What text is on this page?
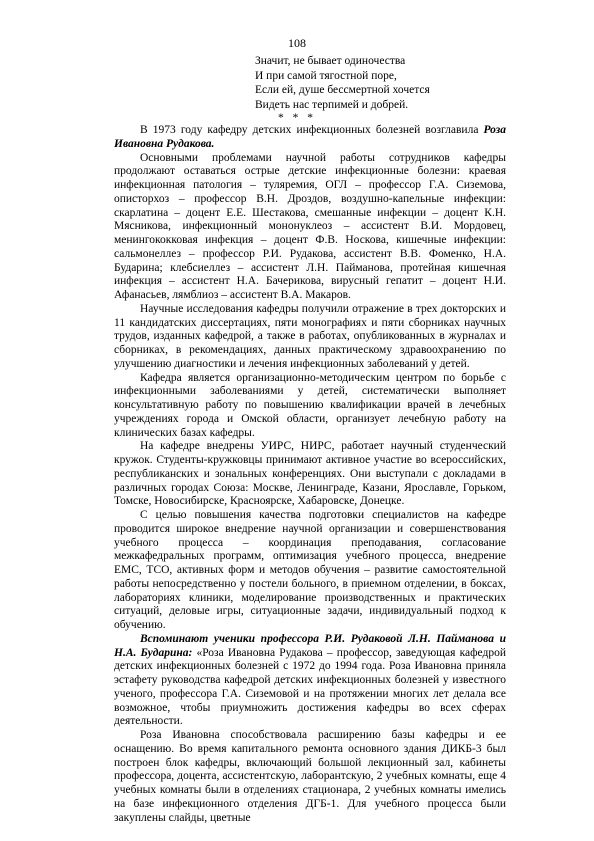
108
Значит, не бывает одиночества
И при самой тягостной поре,
Если ей, душе бессмертной хочется
Видеть нас терпимей и добрей.
* * *

В 1973 году кафедру детских инфекционных болезней возглавила Роза Ивановна Рудакова.

Основными проблемами научной работы сотрудников кафедры продолжают оставаться острые детские инфекционные болезни: краевая инфекционная патология – туляремия, ОГЛ – профессор Г.А. Сиземова, описторхоз – профессор В.Н. Дроздов, воздушно-капельные инфекции: скарлатина – доцент Е.Е. Шестакова, смешанные инфекции – доцент К.Н. Мясникова, инфекционный мононуклеоз – ассистент В.И. Мордовец, менингококковая инфекция – доцент Ф.В. Носкова, кишечные инфекции: сальмонеллез – профессор Р.И. Рудакова, ассистент В.В. Фоменко, Н.А. Бударина; клебсиеллез – ассистент Л.Н. Пайманова, протейная кишечная инфекция – ассистент Н.А. Бачерикова, вирусный гепатит – доцент Н.И. Афанасьев, лямблиоз – ассистент В.А. Макаров.

Научные исследования кафедры получили отражение в трех докторских и 11 кандидатских диссертациях, пяти монографиях и пяти сборниках научных трудов, изданных кафедрой, а также в работах, опубликованных в журналах и сборниках, в рекомендациях, данных практическому здравоохранению по улучшению диагностики и лечения инфекционных заболеваний у детей.

Кафедра является организационно-методическим центром по борьбе с инфекционными заболеваниями у детей, систематически выполняет консультативную работу по повышению квалификации врачей в лечебных учреждениях города и Омской области, организует лечебную работу на клинических базах кафедры.

На кафедре внедрены УИРС, НИРС, работает научный студенческий кружок. Студенты-кружковцы принимают активное участие во всероссийских, республиканских и зональных конференциях. Они выступали с докладами в различных городах Союза: Москве, Ленинграде, Казани, Ярославле, Горьком, Томске, Новосибирске, Красноярске, Хабаровске, Донецке.

С целью повышения качества подготовки специалистов на кафедре проводится широкое внедрение научной организации и совершенствования учебного процесса – координация преподавания, согласование межкафедральных программ, оптимизация учебного процесса, внедрение ЕМС, ТСО, активных форм и методов обучения – развитие самостоятельной работы непосредственно у постели больного, в приемном отделении, в боксах, лабораториях клиники, моделирование производственных и практических ситуаций, деловые игры, ситуационные задачи, индивидуальный подход к обучению.

Вспоминают ученики профессора Р.И. Рудаковой Л.Н. Пайманова и Н.А. Бударина: «Роза Ивановна Рудакова – профессор, заведующая кафедрой детских инфекционных болезней с 1972 до 1994 года. Роза Ивановна приняла эстафету руководства кафедрой детских инфекционных болезней у известного ученого, профессора Г.А. Сиземовой и на протяжении многих лет делала все возможное, чтобы приумножить достижения кафедры во всех сферах деятельности.

Роза Ивановна способствовала расширению базы кафедры и ее оснащению. Во время капитального ремонта основного здания ДИКБ-3 был построен блок кафедры, включающий большой лекционный зал, кабинеты профессора, доцента, ассистентскую, лаборантскую, 2 учебных комнаты, еще 4 учебных комнаты были в отделениях стационара, 2 учебных комнаты имелись на базе инфекционного отделения ДГБ-1. Для учебного процесса были закуплены слайды, цветные
